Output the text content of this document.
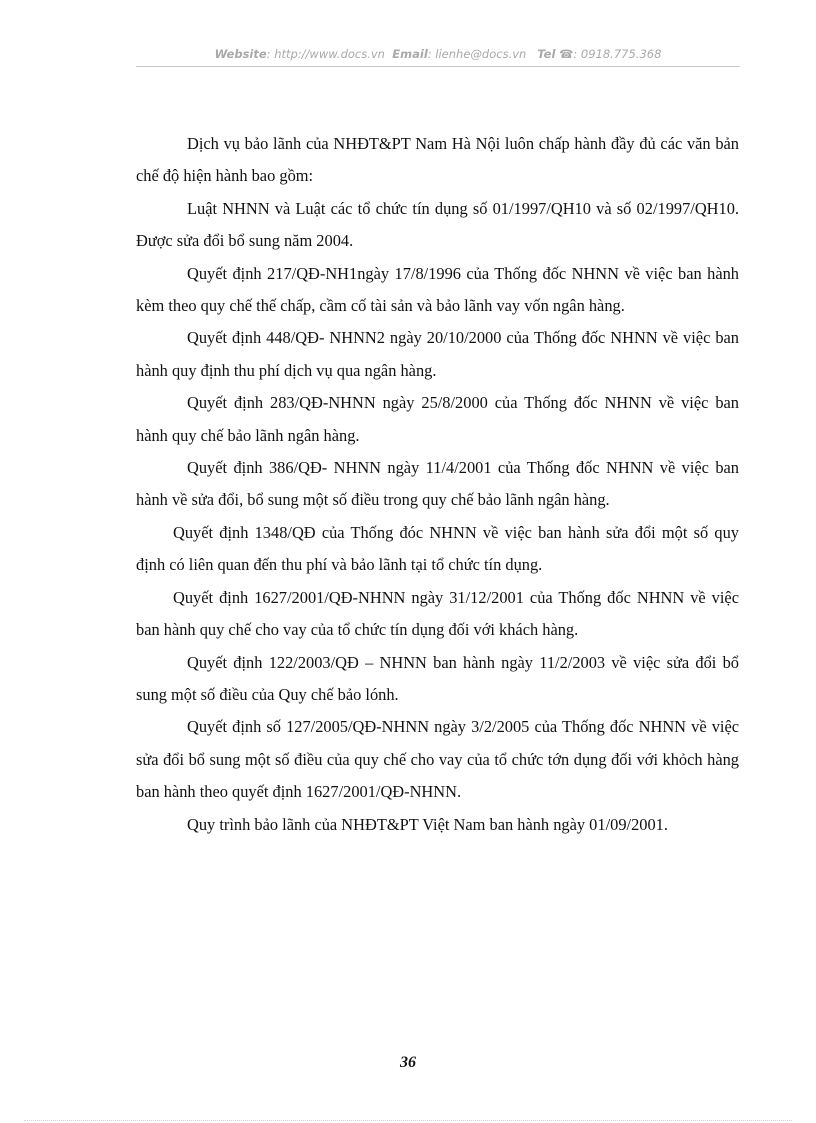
Website: http://www.docs.vn Email: lienhe@docs.vn Tel ☎: 0918.775.368

Dịch vụ bảo lãnh của NHĐT&PT Nam Hà Nội luôn chấp hành đầy đủ các văn bản chế độ hiện hành bao gồm:

Luật NHNN và Luật các tổ chức tín dụng số 01/1997/QH10 và số 02/1997/QH10. Được sửa đổi bổ sung năm 2004.

Quyết định 217/QĐ-NH1ngày 17/8/1996 của Thống đốc NHNN về việc ban hành kèm theo quy chế thế chấp, cầm cố tài sản và bảo lãnh vay vốn ngân hàng.

Quyết định 448/QĐ- NHNN2 ngày 20/10/2000 của Thống đốc NHNN về việc ban hành quy định thu phí dịch vụ qua ngân hàng.

Quyết định 283/QĐ-NHNN ngày 25/8/2000 của Thống đốc NHNN về việc ban hành quy chế bảo lãnh ngân hàng.

Quyết định 386/QĐ- NHNN ngày 11/4/2001 của Thống đốc NHNN về việc ban hành về sửa đổi, bổ sung một số điều trong quy chế bảo lãnh ngân hàng.

Quyết định 1348/QĐ của Thống đóc NHNN về việc ban hành sửa đổi một số quy định có liên quan đến thu phí và bảo lãnh tại tổ chức tín dụng.

Quyết định 1627/2001/QĐ-NHNN ngày 31/12/2001 của Thống đốc NHNN về việc ban hành quy chế cho vay của tổ chức tín dụng đối với khách hàng.

Quyết định 122/2003/QĐ – NHNN ban hành ngày 11/2/2003 về việc sửa đổi bổ sung một số điều của Quy chế bảo lónh.

Quyết định số 127/2005/QĐ-NHNN ngày 3/2/2005 của Thống đốc NHNN về việc sửa đổi bổ sung một số điều của quy chế cho vay của tổ chức tớn dụng đối với khỏch hàng ban hành theo quyết định 1627/2001/QĐ-NHNN.

Quy trình bảo lãnh của NHĐT&PT Việt Nam ban hành ngày 01/09/2001.

36
